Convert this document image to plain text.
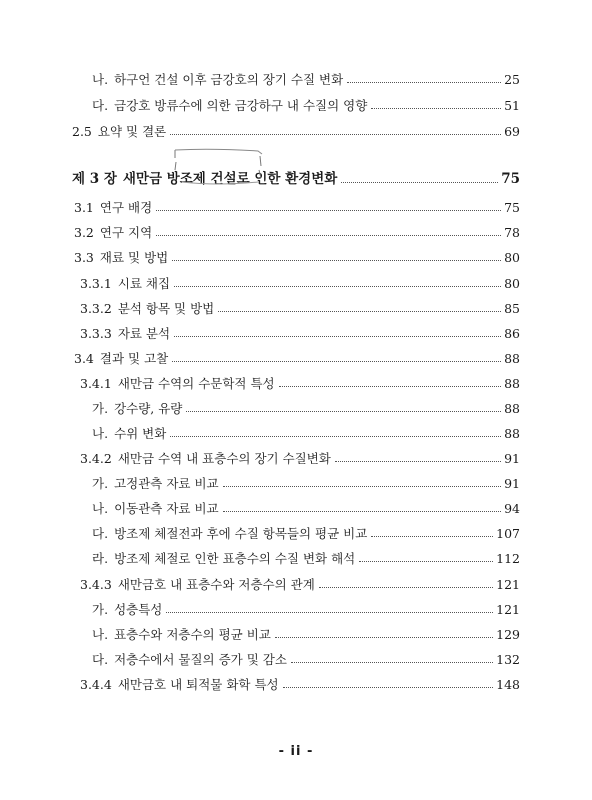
나. 하구언 건설 이후 금강호의 장기 수질 변화	25
다. 금강호 방류수에 의한 금강하구 내 수질의 영향	51
2.5 요약 및 결론	69
제 3 장 새만금 방조제 건설로 인한 환경변화	75
3.1 연구 배경	75
3.2 연구 지역	78
3.3 재료 및 방법	80
3.3.1 시료 채집	80
3.3.2 분석 항목 및 방법	85
3.3.3 자료 분석	86
3.4 결과 및 고찰	88
3.4.1 새만금 수역의 수문학적 특성	88
가. 강수량, 유량	88
나. 수위 변화	88
3.4.2 새만금 수역 내 표층수의 장기 수질변화	91
가. 고정관측 자료 비교	91
나. 이동관측 자료 비교	94
다. 방조제 체절전과 후에 수질 항목들의 평균 비교	107
라. 방조제 체절로 인한 표층수의 수질 변화 해석	112
3.4.3 새만금호 내 표층수와 저층수의 관계	121
가. 성층특성	121
나. 표층수와 저층수의 평균 비교	129
다. 저층수에서 물질의 증가 및 감소	132
3.4.4 새만금호 내 퇴적물 화학 특성	148
- ii -
